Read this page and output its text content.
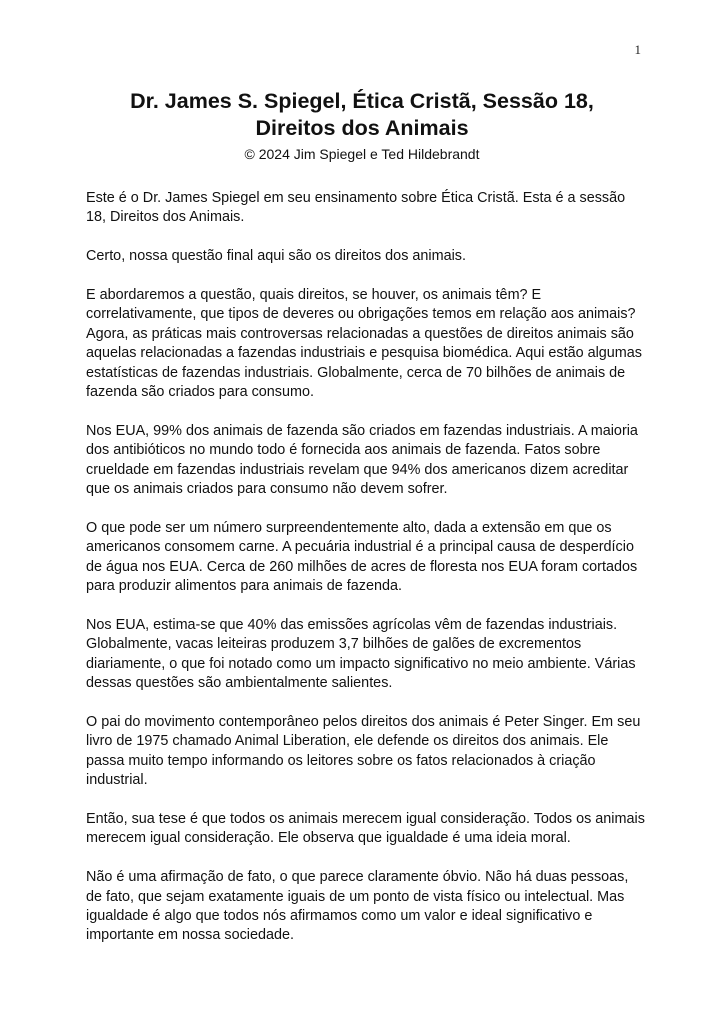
1
Dr. James S. Spiegel, Ética Cristã, Sessão 18,
Direitos dos Animais
© 2024 Jim Spiegel e Ted Hildebrandt

Este é o Dr. James Spiegel em seu ensinamento sobre Ética Cristã. Esta é a sessão 18, Direitos dos Animais.

Certo, nossa questão final aqui são os direitos dos animais.

E abordaremos a questão, quais direitos, se houver, os animais têm? E correlativamente, que tipos de deveres ou obrigações temos em relação aos animais? Agora, as práticas mais controversas relacionadas a questões de direitos animais são aquelas relacionadas a fazendas industriais e pesquisa biomédica. Aqui estão algumas estatísticas de fazendas industriais. Globalmente, cerca de 70 bilhões de animais de fazenda são criados para consumo.

Nos EUA, 99% dos animais de fazenda são criados em fazendas industriais. A maioria dos antibióticos no mundo todo é fornecida aos animais de fazenda. Fatos sobre crueldade em fazendas industriais revelam que 94% dos americanos dizem acreditar que os animais criados para consumo não devem sofrer.

O que pode ser um número surpreendentemente alto, dada a extensão em que os americanos consomem carne. A pecuária industrial é a principal causa de desperdício de água nos EUA. Cerca de 260 milhões de acres de floresta nos EUA foram cortados para produzir alimentos para animais de fazenda.

Nos EUA, estima-se que 40% das emissões agrícolas vêm de fazendas industriais. Globalmente, vacas leiteiras produzem 3,7 bilhões de galões de excrementos diariamente, o que foi notado como um impacto significativo no meio ambiente. Várias dessas questões são ambientalmente salientes.

O pai do movimento contemporâneo pelos direitos dos animais é Peter Singer. Em seu livro de 1975 chamado Animal Liberation, ele defende os direitos dos animais. Ele passa muito tempo informando os leitores sobre os fatos relacionados à criação industrial.

Então, sua tese é que todos os animais merecem igual consideração. Todos os animais merecem igual consideração. Ele observa que igualdade é uma ideia moral.

Não é uma afirmação de fato, o que parece claramente óbvio. Não há duas pessoas, de fato, que sejam exatamente iguais de um ponto de vista físico ou intelectual. Mas igualdade é algo que todos nós afirmamos como um valor e ideal significativo e importante em nossa sociedade.
